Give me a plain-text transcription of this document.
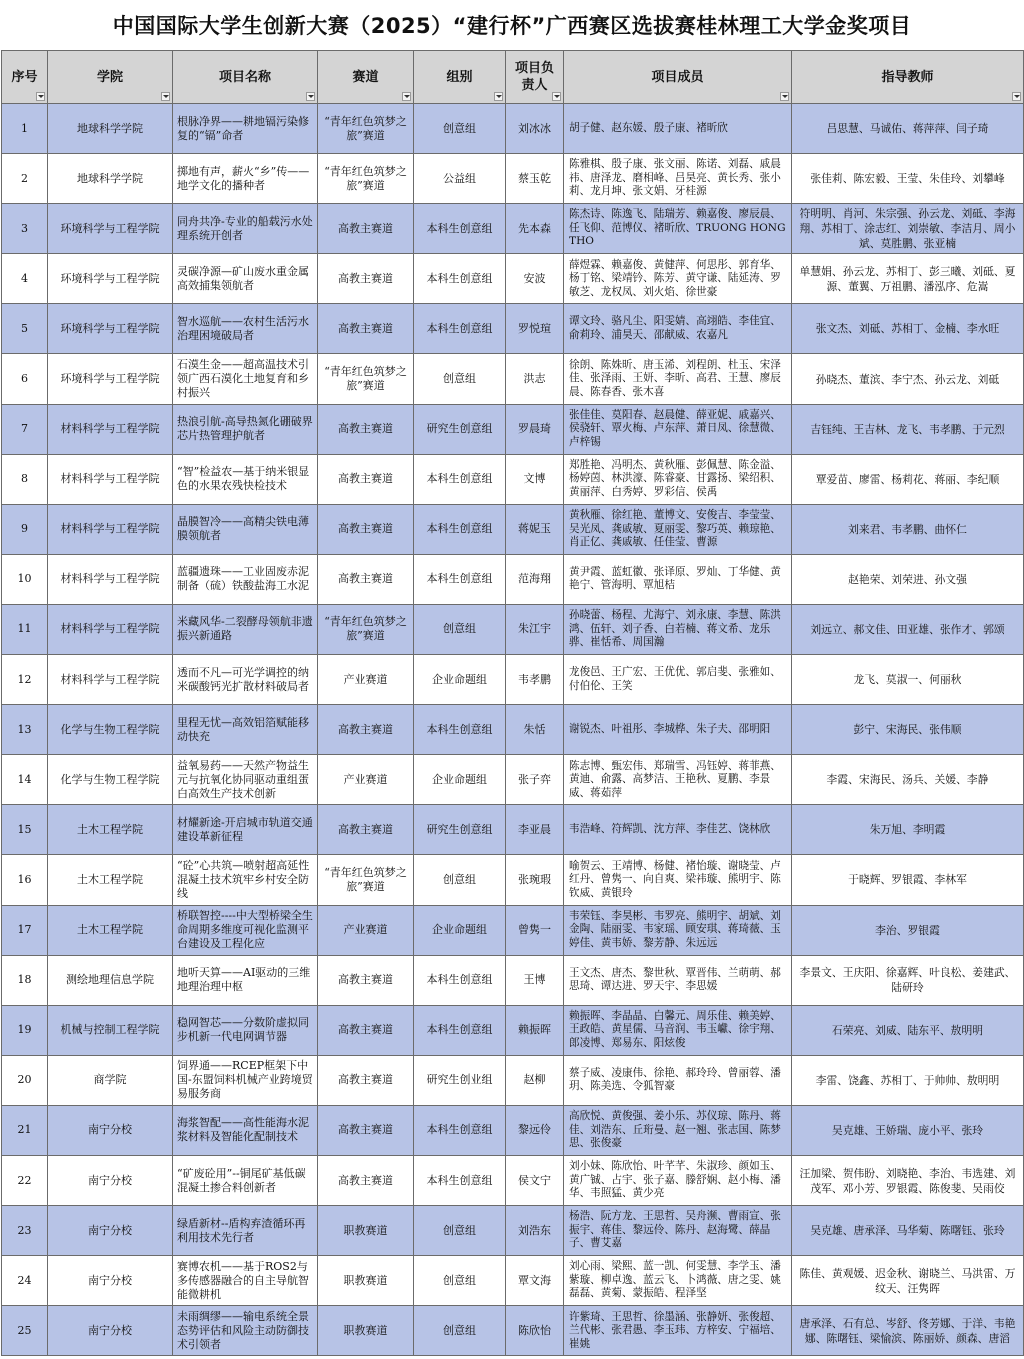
中国国际大学生创新大赛（2025）“建行杯”广西赛区选拔赛桂林理工大学金奖项目
序号	学院	项目名称	赛道	组别	项目负责人	项目成员	指导教师

1	地球科学学院	根脉净界——耕地镉污染修复的“镉”命者	“青年红色筑梦之旅”赛道	创意组	刘冰冰	胡子健、赵东媛、殷子康、褚昕欣	吕思慧、马诚佑、蒋萍萍、闫子琦
2	地球科学学院	掷地有声，薪火“乡”传——地学文化的播种者	“青年红色筑梦之旅”赛道	公益组	蔡玉乾	陈雅棋、殷子康、张文丽、陈诺、刘磊、戚晨祎、唐泽龙、磨相峰、吕昊亮、黄长秀、张小莉、龙月坤、张文娟、牙桂源	张佳莉、陈宏毅、王莹、朱佳玲、刘攀峰
3	环境科学与工程学院	同舟共净-专业的船载污水处理系统开创者	高教主赛道	本科生创意组	先本森	陈杰诗、陈逸飞、陆瑞芳、赖嘉俊、廖辰晨、任飞仰、范博仪、褚昕欣、TRUONG HONG THO	符明明、肖河、朱宗强、孙云龙、刘砥、李海翔、苏相丁、涂志红、刘崇敏、李洁月、周小斌、莫胜鹏、张亚楠
4	环境科学与工程学院	灵碳净源—矿山废水重金属高效捕集领航者	高教主赛道	本科生创意组	安波	薛煜霖、赖嘉俊、黄健萍、何思彤、郭育华、杨丁铭、梁靖钤、陈芳、黄守谦、陆延涛、罗敏芝、龙权凤、刘火焰、徐世豪	单慧娟、孙云龙、苏相丁、彭三曦、刘砥、夏源、董翼、万祖鹏、潘泓序、危嵩
5	环境科学与工程学院	智水巡航——农村生活污水治理困境破局者	高教主赛道	本科生创意组	罗悦瑄	谭文玲、骆凡尘、阳雯婧、高翊皓、李佳宜、俞莉玲、浦昊天、邵献威、农嘉凡	张文杰、刘砥、苏相丁、金楠、李水旺
6	环境科学与工程学院	石漠生金——超高温技术引领广西石漠化土地复育和乡村振兴	“青年红色筑梦之旅”赛道	创意组	洪志	徐朗、陈姝昕、唐玉浠、刘程朗、杜玉、宋泽佳、张泽雨、王妍、李昕、高君、王慧、廖辰晨、陈春香、张木喜	孙晓杰、董滨、李宁杰、孙云龙、刘砥
7	材料科学与工程学院	热浪引航-高导热氮化硼破界芯片热管理护航者	高教主赛道	研究生创意组	罗晨琦	张佳佳、莫阳春、赵晨健、薛亚妮、戚嘉兴、侯骁轩、覃火梅、卢东萍、萧日凤、徐慧微、卢梓锡	吉钰纯、王吉林、龙飞、韦孝鹏、于元烈
8	材料科学与工程学院	“智”检益农—基于纳米银显色的水果农残快检技术	高教主赛道	本科生创意组	文博	郑胜艳、冯明杰、黄秋雁、彭佩慧、陈金溢、杨婷茵、林洪濠、陈睿豪、甘露扬、梁绍积、黄丽萍、白秀婷、罗彩信、侯禹	覃爱苗、廖雷、杨莉花、蒋丽、李纪顺
9	材料科学与工程学院	晶膜智冷——高精尖铁电薄膜领航者	高教主赛道	本科生创意组	蒋妮玉	黄秋雁、徐红艳、董博文、安俊吉、李莹莹、吴光凤、龚戚敏、夏丽雯、黎巧英、赖琼艳、肖正亿、龚戚敏、任佳莹、曹源	刘来君、韦孝鹏、曲怀仁
10	材料科学与工程学院	蓝疆遗珠——工业固废赤泥制备（硫）铁酸盐海工水泥	高教主赛道	本科生创意组	范海翔	黄尹霞、蓝虹徽、张译原、罗灿、丁华健、黄艳宁、管海明、覃旭桔	赵艳荣、刘荣进、孙文强
11	材料科学与工程学院	米藏风华-二裂酵母领航非遗振兴新通路	“青年红色筑梦之旅”赛道	创意组	朱江宇	孙晓蕾、杨程、尤海宁、刘永康、李慧、陈洪鸿、伍轩、刘子香、白若楠、蒋文希、龙乐骅、崔恬希、周国瀚	刘远立、郝文佳、田亚雄、张作才、郭颂
12	材料科学与工程学院	透而不凡—可光学调控的纳米碳酸钙光扩散材料破局者	产业赛道	企业命题组	韦孝鹏	龙俊邑、王广宏、王优优、郭启斐、张雅如、付伯伦、王笑	龙飞、莫淑一、何丽秋
13	化学与生物工程学院	里程无忧—高效铝箔赋能移动快充	高教主赛道	本科生创意组	朱恬	谢锐杰、叶祖彤、李城桦、朱子夫、邵明阳	彭宁、宋海民、张伟顺
14	化学与生物工程学院	益氧易药——天然产物益生元与抗氧化协同驱动重组蛋白高效生产技术创新	产业赛道	企业命题组	张子弈	陈志博、甄宏伟、郑瑞雪、冯钰婷、蒋菲燕、黄迪、俞露、高梦洁、王艳秋、夏鹏、李景威、蒋茹萍	李霞、宋海民、汤兵、关媛、李静
15	土木工程学院	材耀新途-开启城市轨道交通建设革新征程	高教主赛道	研究生创意组	李亚晨	韦浩峰、符辉凯、沈方萍、李佳艺、饶林欣	朱万旭、李明霞
16	土木工程学院	“砼”心共筑—喷射超高延性混凝土技术筑牢乡村安全防线	“青年红色筑梦之旅”赛道	创意组	张琬瑕	喻贺云、王靖博、杨健、褚怡璇、谢晓莹、卢红丹、曾隽一、向自爽、梁祎璇、熊明宇、陈钦威、黄银玲	于晓辉、罗银霞、李林军
17	土木工程学院	桥联智控----中大型桥梁全生命周期多维度可视化监测平台建设及工程化应	产业赛道	企业命题组	曾隽一	韦荣钰、李昊彬、韦罗亮、熊明宇、胡斌、刘金陶、陆丽雯、韦家瑶、顾安琪、蒋琦薇、玉婷佳、黄韦娇、黎芳静、朱远远	李治、罗银霞
18	测绘地理信息学院	地听天算——AI驱动的三维地理治理中枢	高教主赛道	本科生创意组	王博	王文杰、唐杰、黎世秋、覃晋伟、兰萌萌、郝思琦、谭达进、罗天宇、李思媛	李景文、王庆阳、徐嘉辉、叶良松、姜建武、陆研玲
19	机械与控制工程学院	稳网智芯——分数阶虚拟同步机新一代电网调节器	高教主赛道	本科生创意组	赖振晖	赖振晖、李晶晶、白馨元、周乐佳、赖美婷、王政皓、黄星儒、马音润、韦玉巘、徐宇翔、郎凌博、郑易东、阳炫俊	石荣亮、刘威、陆东平、敖明明
20	商学院	饲界通——RCEP框架下中国-东盟饲料机械产业跨境贸易服务商	高教主赛道	研究生创业组	赵柳	蔡子威、凌康伟、徐艳、郝玲玲、曾丽蓉、潘玥、陈美选、令狐智豪	李雷、饶鑫、苏相丁、于帅帅、敖明明
21	南宁分校	海浆智配——高性能海水泥浆材料及智能化配制技术	高教主赛道	本科生创意组	黎远伶	高欣悦、黄俊强、姜小乐、苏仪琼、陈丹、蒋佳、刘浩东、丘珩曼、赵一翘、张志国、陈梦思、张俊豪	吴克雄、王娇瑞、庞小平、张玲
22	南宁分校	“矿废砼用”--铜尾矿基低碳混凝土掺合料创新者	高教主赛道	本科生创意组	侯文宁	刘小妹、陈欣怡、叶芊芊、朱淑珍、颜如玉、黄广铖、占宇、张子嘉、滕舒娴、赵小梅、潘华、韦照猛、黄少亮	汪加梁、贺伟盼、刘晓艳、李治、韦选建、刘茂军、邓小芳、罗银霞、陈俊斐、吴雨佼
23	南宁分校	绿盾新材--盾构弃渣循环再利用技术先行者	职教赛道	创意组	刘浩东	杨浩、阮方龙、王思哲、吴舟濒、曹雨宣、张振宇、蒋佳、黎远伶、陈丹、赵海鹭、薛晶子、曹艾嘉	吴克雄、唐承泽、马华菊、陈曙钰、张玲
24	南宁分校	赛博农机——基于ROS2与多传感器融合的自主导航智能微耕机	职教赛道	创意组	覃文海	刘心雨、梁熙、蓝一凯、何雯慧、李学玉、潘紫璇、柳卓逸、蓝云飞、卜鸿薇、唐之雯、姚磊磊、黄菊、蒙振皓、程泽坚	陈佳、黄观媛、迟金秋、谢晓兰、马洪雷、万纹天、汪隽晖
25	南宁分校	未雨绸缪——输电系统全景态势评估和风险主动防御技术引领者	职教赛道	创意组	陈欣怡	许紫琦、王思哲、徐墨涵、张静妍、张俊超、兰代彬、张君愚、李玉玮、方梓安、宁福培、崔姚	唐承泽、石有总、岑舒、佟芳娜、于洋、韦艳娜、陈曙钰、梁愉滨、陈丽娇、颜森、唐滔
